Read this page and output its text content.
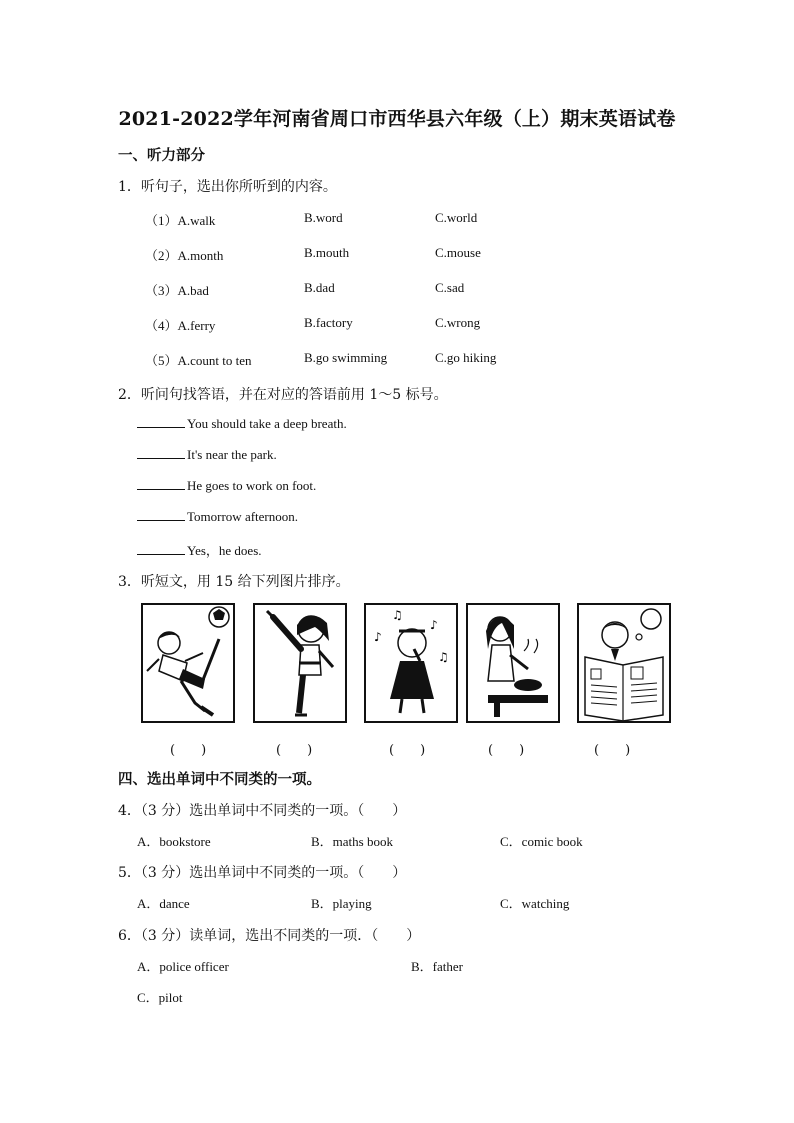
2021-2022学年河南省周口市西华县六年级（上）期末英语试卷
一、听力部分
1．听句子，选出你所听到的内容。
（1）A.walk	B.word	C.world
（2）A.month	B.mouth	C.mouse
（3）A.bad	B.dad	C.sad
（4）A.ferry	B.factory	C.wrong
（5）A.count to ten	B.go swimming	C.go hiking
2．听问句找答语，并在对应的答语前用 1～5 标号。
You should take a deep breath.
It's near the park.
He goes to work on foot.
Tomorrow afternoon.
Yes，he does.
3．听短文，用 15 给下列图片排序。
♪
♫
♪
♫
(　　)	(　　)	(　　)	(　　)	(　　)
四、选出单词中不同类的一项。
4．（3 分）选出单词中不同类的一项。（　　）
A．bookstore	B．maths book	C．comic book
5．（3 分）选出单词中不同类的一项。（　　）
A．dance	B．playing	C．watching
6．（3 分）读单词，选出不同类的一项．（　　）
A．police officer	B．father
C．pilot
